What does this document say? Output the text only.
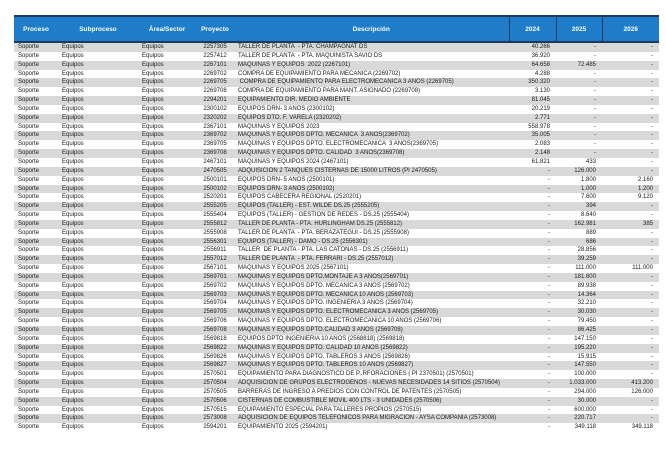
Proceso	Subproceso	Área/Sector	Proyecto	Descripción	2024	2025	2026
Soporte	Equipos	Equipos	2257305	TALLER DE PLANTA  - PTA. CHAMPAGNAT DS	40.266	-	-
Soporte	Equipos	Equipos	2257412	TALLER DE PLANTA  - PTA. MAQUINISTA SAVIO DS	36.920	-	-
Soporte	Equipos	Equipos	2267101	MÁQUINAS Y EQUIPOS  2022 (2267101)	64.658	72.485	-
Soporte	Equipos	Equipos	2269702	COMPRA DE EQUIPAMIENTO PARA MECANICA (2269702)	4.288	-	-
Soporte	Equipos	Equipos	2269705	COMPRA DE EQUIPAMIENTO PARA ELECTROMECANICA 3 AÑOS (2269705)	350.320	-	-
Soporte	Equipos	Equipos	2269708	COMPRA DE EQUIPAMIENTO PARA MANT. ASIGNADO (2269708)	3.130	-	-
Soporte	Equipos	Equipos	2294201	EQUIPAMIENTO DIR. MEDIO AMBIENTE	81.045	-	-
Soporte	Equipos	Equipos	2300102	EQUIPOS DRN- 3 AÑOS (2300102)	20.219	-	-
Soporte	Equipos	Equipos	2320202	EQUIPOS DTO. F. VARELA (2320202)	2.771	-	-
Soporte	Equipos	Equipos	2367101	MÁQUINAS Y EQUIPOS 2023	558.978	-	-
Soporte	Equipos	Equipos	2369702	MAQUINAS Y EQUIPOS DPTO. MECANICA  3 AÑOS(2369702)	35.005	-	-
Soporte	Equipos	Equipos	2369705	MAQUINAS Y EQUIPOS DPTO. ELECTROMECANICA  3 AÑOS(2369705)	2.083	-	-
Soporte	Equipos	Equipos	2369708	MAQUINAS Y EQUIPOS DPTO. CALIDAD  3 AÑOS(2369708)	2.148	-	-
Soporte	Equipos	Equipos	2467101	MÁQUINAS Y EQUIPOS 2024 (2467101)	61.821	433	-
Soporte	Equipos	Equipos	2470505	ADQUISICIÓN 2 TANQUES CISTERNAS DE 15000 LITROS (PI 2470505)	-	126.000	-
Soporte	Equipos	Equipos	2500101	EQUIPOS DRN- 5 AÑOS (2500101)	-	1.800	2.160
Soporte	Equipos	Equipos	2500102	EQUIPOS DRN- 3 AÑOS (2500102)	-	1.000	1.200
Soporte	Equipos	Equipos	2520201	EQUIPOS CABECERA REGIONAL (2520201)	-	7.600	9.120
Soporte	Equipos	Equipos	2555205	EQUIPOS (TALLER) - EST. WILDE DS.25 (2555205)	-	394	-
Soporte	Equipos	Equipos	2555404	EQUIPOS (TALLER) - GESTIÓN DE REDES - DS.25 (2555404)	-	8.640	-
Soporte	Equipos	Equipos	2555812	TALLER DE PLANTA - PTA. HURLINGHAM DS.25 (2555812)	-	162.981	385
Soporte	Equipos	Equipos	2555908	TALLER DE PLANTA  - PTA. BERAZATEGUI - DS.25 (2555908)	-	889	-
Soporte	Equipos	Equipos	2556301	EQUIPOS (TALLER) - DAMO - DS.25 (2556301)	-	686	-
Soporte	Equipos	Equipos	2556911	TALLER  DE PLANTA - PTA. LAS CATONAS - DS.25 (2556911)	-	28.856	-
Soporte	Equipos	Equipos	2557012	TALLER DE PLANTA  - PTA. FERRARI - DS.25 (2557012)	-	39.259	-
Soporte	Equipos	Equipos	2567101	MÁQUINAS Y EQUIPOS 2025 (2567101)	-	111.000	111.000
Soporte	Equipos	Equipos	2569701	MAQUINAS Y EQUIPOS DPTO.MONTAJE A 3 AÑOS(2569701)	-	181.600	-
Soporte	Equipos	Equipos	2569702	MAQUINAS Y EQUIPOS DPTO. MECANICA 3 AÑOS (2569702)	-	89.938	-
Soporte	Equipos	Equipos	2569703	MAQUINAS Y EQUIPOS DPTO. MECANICA 10 AÑOS (2569703)	-	14.364	-
Soporte	Equipos	Equipos	2569704	MAQUINAS Y EQUIPOS DPTO. INGENIERIA 3 AÑOS (2569704)	-	32.210	-
Soporte	Equipos	Equipos	2569705	MAQUINAS Y EQUIPOS DPTO. ELECTROMECANICA 3 AÑOS (2569705)	-	30.030	-
Soporte	Equipos	Equipos	2569706	MAQUINAS Y EQUIPOS DPTO. ELECTROMECANICA 10 AÑOS (2569706)	-	79.450	-
Soporte	Equipos	Equipos	2569708	MAQUINAS Y EQUIPOS DPTO.CALIDAD 3 AÑOS (2569708)	-	86.425	-
Soporte	Equipos	Equipos	2569818	EQUIPOS DPTO INGENIERIA 10 AÑOS (2568818) (2569818)	-	147.150	-
Soporte	Equipos	Equipos	2569822	MAQUINAS Y EQUIPOS DPTO. CALIDAD 10 AÑOS (2569822)	-	195.220	-
Soporte	Equipos	Equipos	2569826	MAQUINAS Y EQUIPOS DPTO. TABLEROS 3 AÑOS (2569826)	-	15.915	-
Soporte	Equipos	Equipos	2569827	MAQUINAS Y EQUIPOS DPTO. TABLEROS 10 AÑOS (2569827)	-	147.550	-
Soporte	Equipos	Equipos	2570501	EQUIPAMIENTO PARA DIAGNOSTICO DE P..RFORACIONES ( PI 2370501) (2570501)	-	100.000	-
Soporte	Equipos	Equipos	2570504	ADQUISICIÓN DE GRUPOS ELECTRÓGENOS - NUEVAS NECESIDADES 14 SITIOS (2570504)	-	1.033.000	413.200
Soporte	Equipos	Equipos	2570505	BARRERAS DE INGRESO A PREDIOS CON CONTROL DE PATENTES (2570505)	-	294.000	126.000
Soporte	Equipos	Equipos	2570506	CISTERNAS DE COMBUSTIBLE MOVIL 400 LTS - 3 UNIDADES (2570506)	-	30.000	-
Soporte	Equipos	Equipos	2570515	EQUIPAMIENTO ESPECIAL PARA TALLERES PROPIOS (2570515)	-	600.000	-
Soporte	Equipos	Equipos	2573008	ADQUISICION DE EQUIPOS TELEFONICOS PARA MIGRACION - AYSA COMPAÑÍA (2573008)	-	220.717	-
Soporte	Equipos	Equipos	2594201	EQUIPAMIENTO 2025 (2594201)	-	349.118	349.118
